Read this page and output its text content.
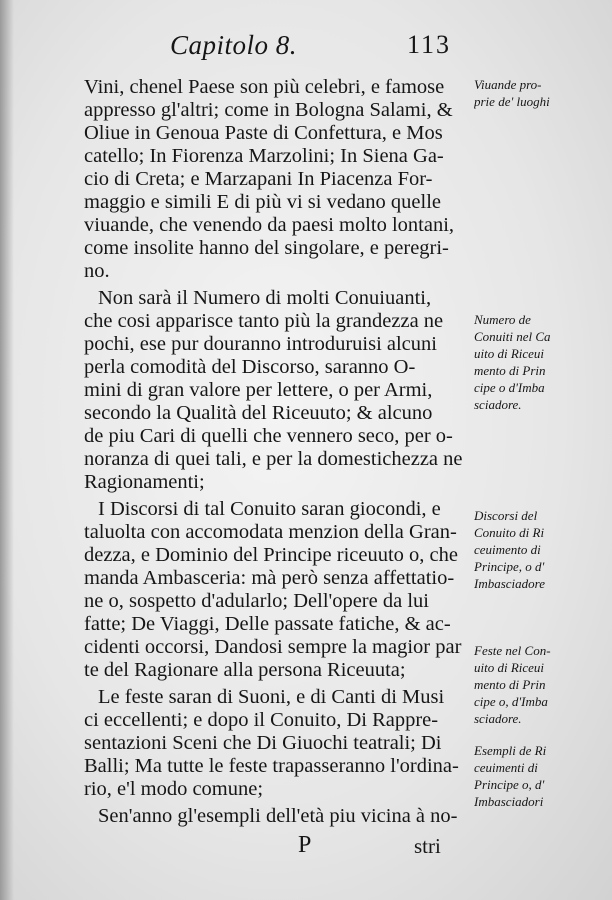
Capitolo 8.	113
Vini, chenel Paese son più celebri, e famose
appresso gl'altri; come in Bologna Salami, &
Oliue in Genoua Paste di Confettura, e Mos
catello; In Fiorenza Marzolini; In Siena Ga-
cio di Creta; e Marzapani In Piacenza For-
maggio e simili E di più vi si vedano quelle
viuande, che venendo da paesi molto lontani,
come insolite hanno del singolare, e peregri-
no.
Non sarà il Numero di molti Conuiuanti,
che cosi apparisce tanto più la grandezza ne
pochi, ese pur douranno introduruisi alcuni
perla comodità del Discorso, saranno O-
mini di gran valore per lettere, o per Armi,
secondo la Qualità del Riceuuto; & alcuno
de piu Cari di quelli che vennero seco, per o-
noranza di quei tali, e per la domestichezza ne
Ragionamenti;
I Discorsi di tal Conuito saran giocondi, e
taluolta con accomodata menzion della Gran-
dezza, e Dominio del Principe riceuuto o, che
manda Ambasceria: mà però senza affettatio-
ne o, sospetto d'adularlo; Dell'opere da lui
fatte; De Viaggi, Delle passate fatiche, & ac-
cidenti occorsi, Dandosi sempre la magior par
te del Ragionare alla persona Riceuuta;
Le feste saran di Suoni, e di Canti di Musi
ci eccellenti; e dopo il Conuito, Di Rappre-
sentazioni Sceni che Di Giuochi teatrali; Di
Balli; Ma tutte le feste trapasseranno l'ordina-
rio, e'l modo comune;
Sen'anno gl'esempli dell'età piu vicina à no-
Viuande pro-
prie de' luoghi
Numero de
Conuiti nel Ca
uito di Riceui
mento di Prin
cipe o d'Imba
sciadore.
Discorsi del
Conuito di Ri
ceuimento di
Principe, o d'
Imbasciadore
Feste nel Con-
uito di Riceui
mento di Prin
cipe o, d'Imba
sciadore.
Esempli de Ri
ceuimenti di
Principe o, d'
Imbasciadori
P	stri
